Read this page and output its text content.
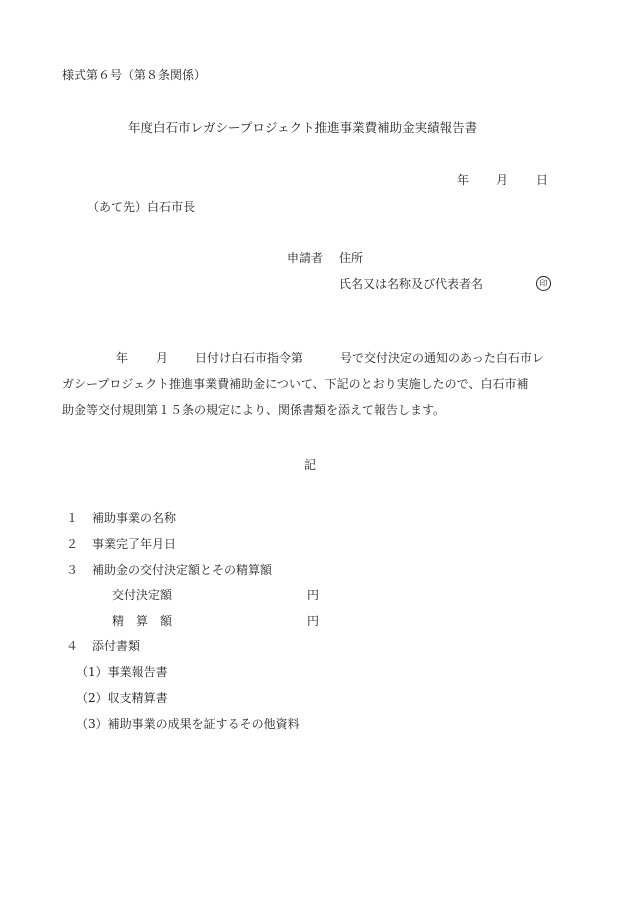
様式第６号（第８条関係）
年度白石市レガシープロジェクト推進事業費補助金実績報告書
年 月 日
（あて先）白石市長
申請者 住所
氏名又は名称及び代表者名	印
年 月 日付け白石市指令第	号で交付決定の通知のあった白石市レ
ガシープロジェクト推進事業費補助金について、下記のとおり実施したので、白石市補
助金等交付規則第１５条の規定により、関係書類を添えて報告します。
記
１ 補助事業の名称
２ 事業完了年月日
３ 補助金の交付決定額とその精算額
交付決定額	円
精　算　額	円
４ 添付書類
（1）事業報告書
（2）収支精算書
（3）補助事業の成果を証するその他資料
